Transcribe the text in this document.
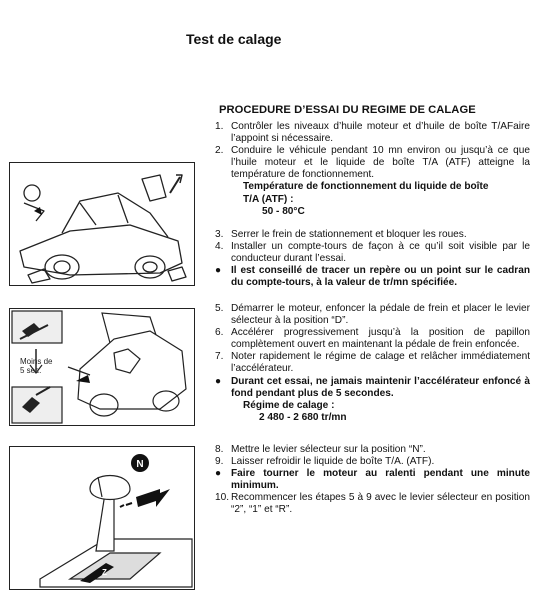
Test de calage
PROCEDURE D’ESSAI DU REGIME DE CALAGE
1. Contrôler les niveaux d’huile moteur et d’huile de boîte T/AFaire l’appoint si nécessaire.
2. Conduire le véhicule pendant 10 mn environ ou jusqu’à ce que l’huile moteur et le liquide de boîte T/A (ATF) atteigne la température de fonctionnement.
Température de fonctionnement du liquide de boîte
T/A (ATF) :
50 - 80°C
3. Serrer le frein de stationnement et bloquer les roues.
4. Installer un compte-tours de façon à ce qu’il soit visible par le conducteur durant l’essai.
● Il est conseillé de tracer un repère ou un point sur le cadran du compte-tours, à la valeur de tr/mn spécifiée.
5. Démarrer le moteur, enfoncer la pédale de frein et placer le levier sélecteur à la position “D”.
6. Accélérer progressivement jusqu’à la position de papillon complètement ouvert en maintenant la pédale de frein enfoncée.
7. Noter rapidement le régime de calage et relâcher immédiatement l’accélérateur.
● Durant cet essai, ne jamais maintenir l’accélérateur enfoncé à fond pendant plus de 5 secondes.
Régime de calage :
2 480 - 2 680 tr/mn
8. Mettre le levier sélecteur sur la position “N”.
9. Laisser refroidir le liquide de boîte T/A. (ATF).
● Faire tourner le moteur au ralenti pendant une minute minimum.
10. Recommencer les étapes 5 à 9 avec le levier sélecteur en position “2”, “1” et “R”.
Moins de
5 sec.
N
Z
